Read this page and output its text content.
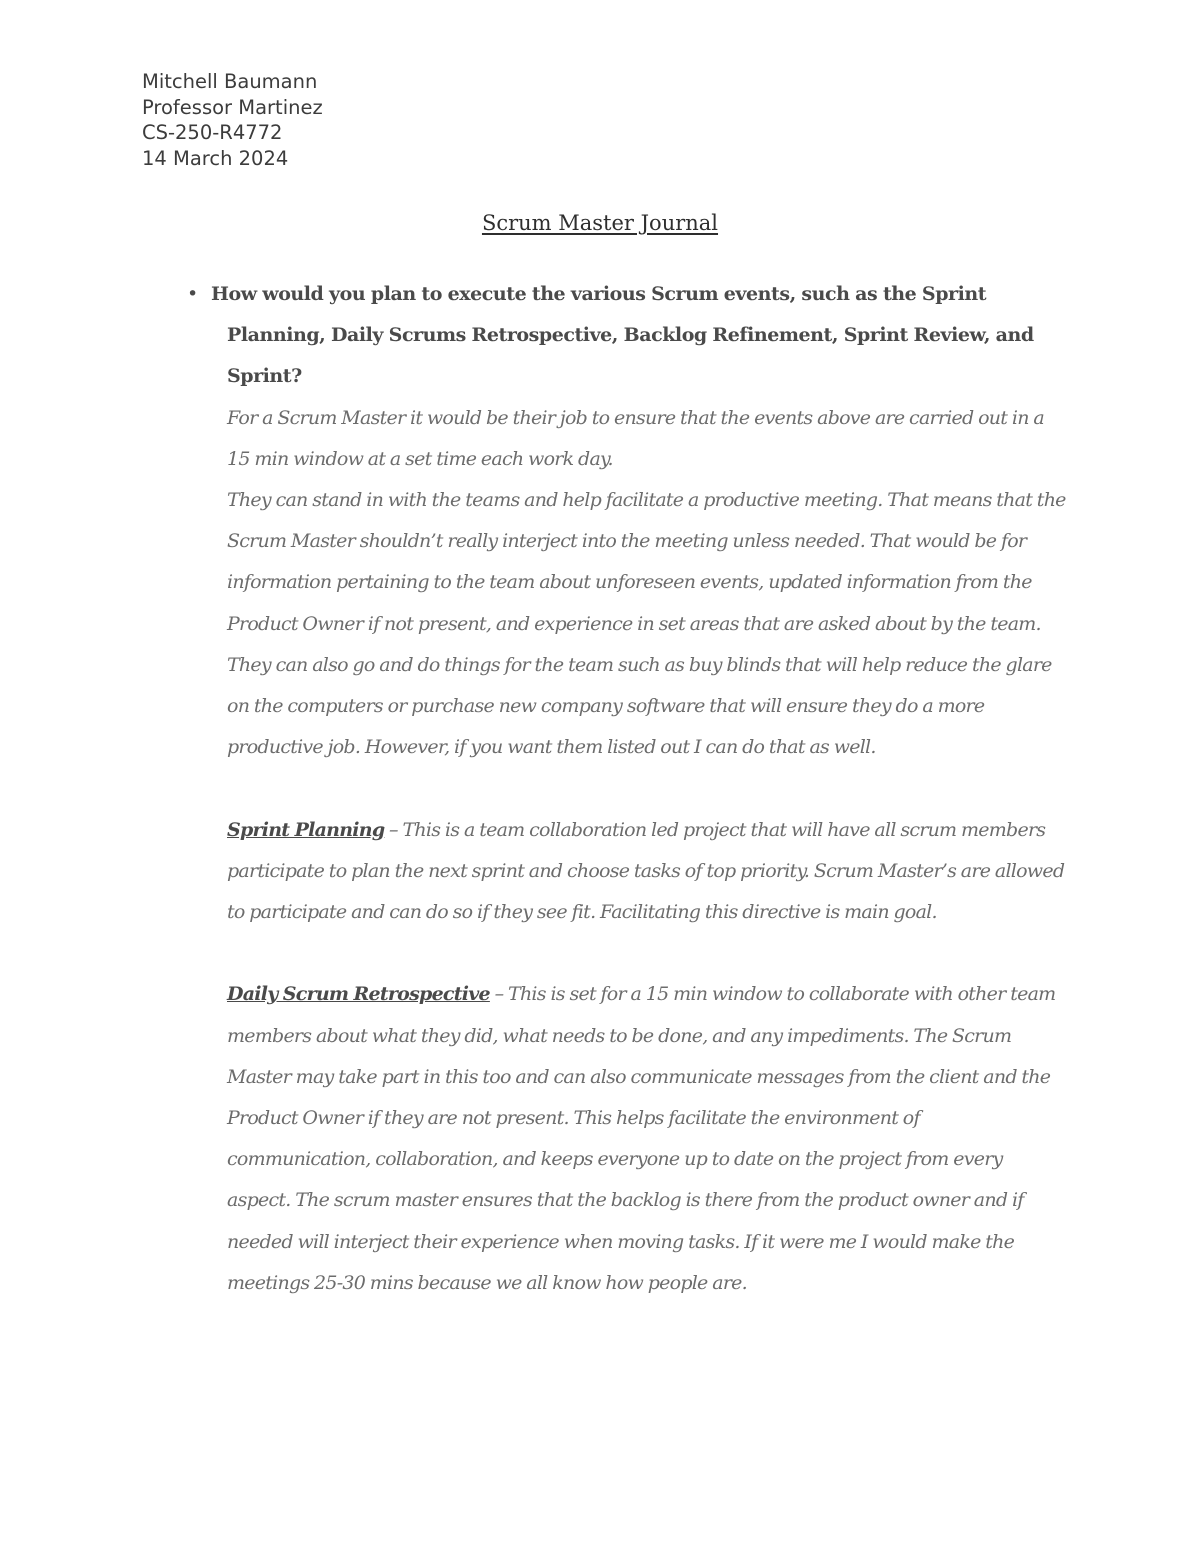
Mitchell Baumann
Professor Martinez
CS-250-R4772
14 March 2024
Scrum Master Journal
• How would you plan to execute the various Scrum events, such as the Sprint Planning, Daily Scrums Retrospective, Backlog Refinement, Sprint Review, and Sprint?

For a Scrum Master it would be their job to ensure that the events above are carried out in a 15 min window at a set time each work day.

They can stand in with the teams and help facilitate a productive meeting. That means that the Scrum Master shouldn’t really interject into the meeting unless needed. That would be for information pertaining to the team about unforeseen events, updated information from the Product Owner if not present, and experience in set areas that are asked about by the team. They can also go and do things for the team such as buy blinds that will help reduce the glare on the computers or purchase new company software that will ensure they do a more productive job. However, if you want them listed out I can do that as well.

Sprint Planning – This is a team collaboration led project that will have all scrum members participate to plan the next sprint and choose tasks of top priority. Scrum Master’s are allowed to participate and can do so if they see fit. Facilitating this directive is main goal.

Daily Scrum Retrospective – This is set for a 15 min window to collaborate with other team members about what they did, what needs to be done, and any impediments. The Scrum Master may take part in this too and can also communicate messages from the client and the Product Owner if they are not present. This helps facilitate the environment of communication, collaboration, and keeps everyone up to date on the project from every aspect. The scrum master ensures that the backlog is there from the product owner and if needed will interject their experience when moving tasks. If it were me I would make the meetings 25-30 mins because we all know how people are.
